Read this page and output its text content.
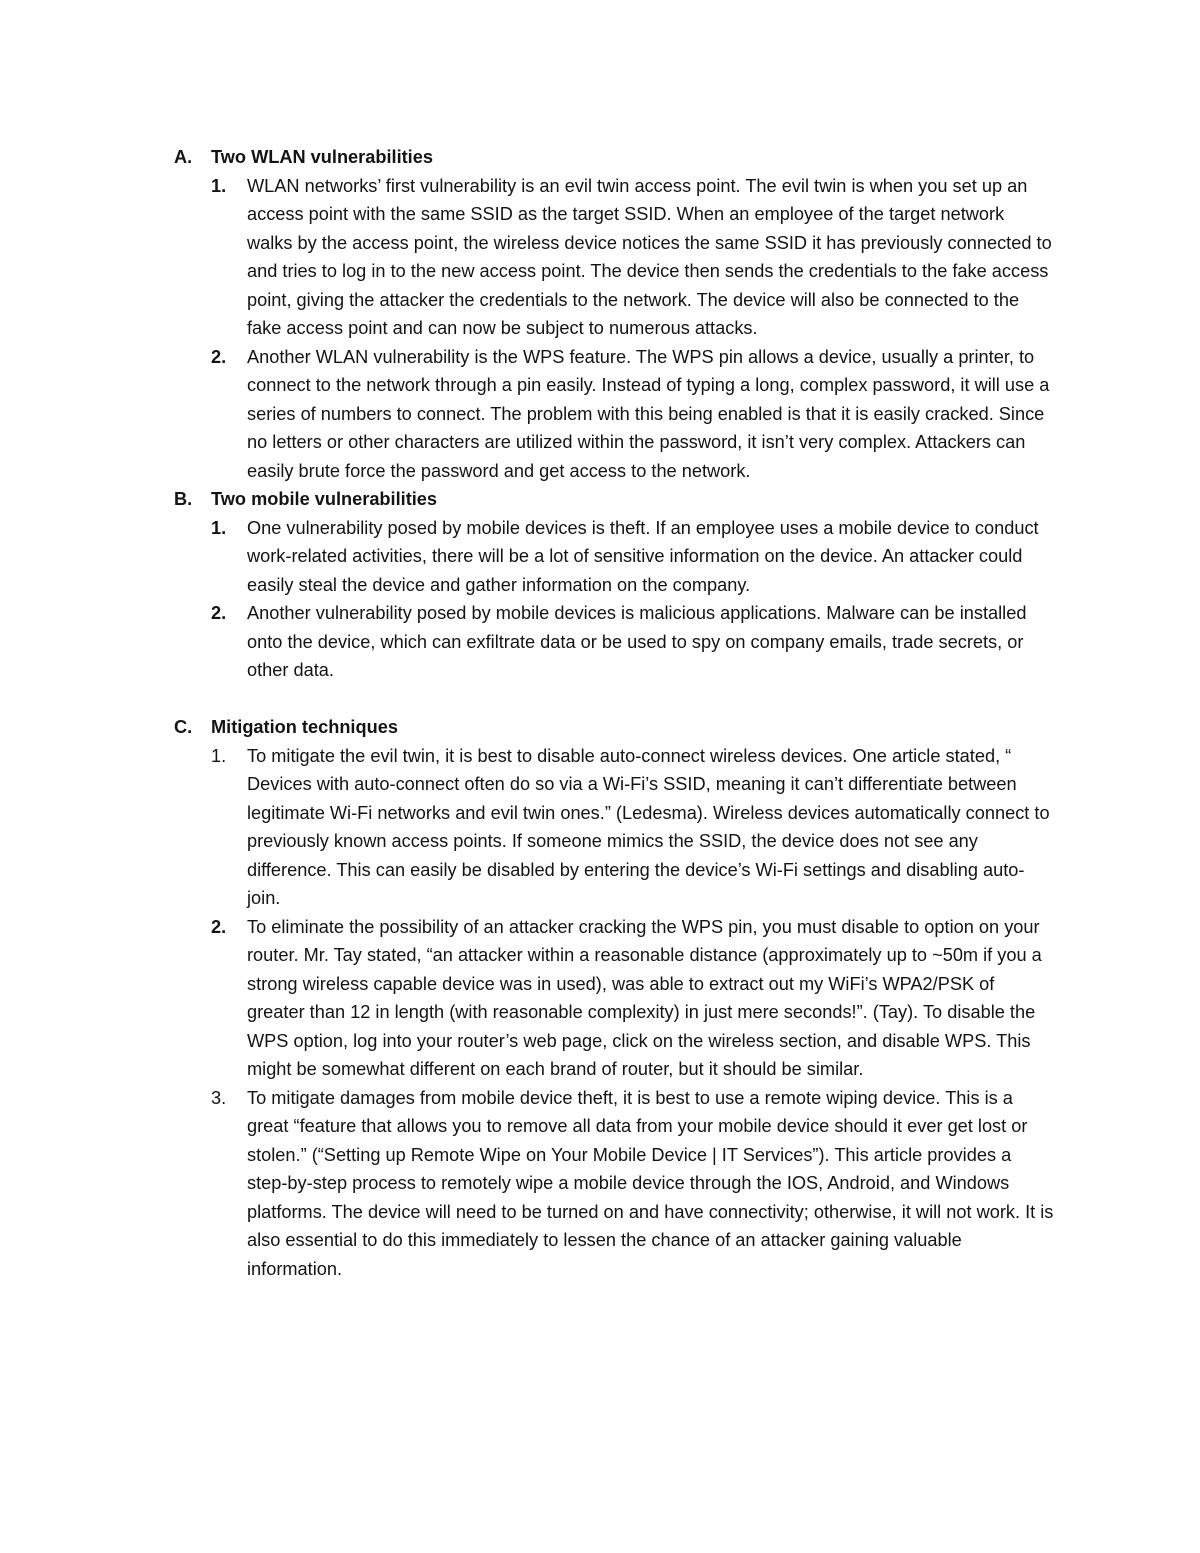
A. Two WLAN vulnerabilities
1. WLAN networks’ first vulnerability is an evil twin access point. The evil twin is when you set up an access point with the same SSID as the target SSID. When an employee of the target network walks by the access point, the wireless device notices the same SSID it has previously connected to and tries to log in to the new access point. The device then sends the credentials to the fake access point, giving the attacker the credentials to the network. The device will also be connected to the fake access point and can now be subject to numerous attacks.
2. Another WLAN vulnerability is the WPS feature. The WPS pin allows a device, usually a printer, to connect to the network through a pin easily. Instead of typing a long, complex password, it will use a series of numbers to connect. The problem with this being enabled is that it is easily cracked. Since no letters or other characters are utilized within the password, it isn’t very complex. Attackers can easily brute force the password and get access to the network.
B. Two mobile vulnerabilities
1. One vulnerability posed by mobile devices is theft. If an employee uses a mobile device to conduct work-related activities, there will be a lot of sensitive information on the device. An attacker could easily steal the device and gather information on the company.
2. Another vulnerability posed by mobile devices is malicious applications. Malware can be installed onto the device, which can exfiltrate data or be used to spy on company emails, trade secrets, or other data.
C. Mitigation techniques
1. To mitigate the evil twin, it is best to disable auto-connect wireless devices. One article stated, “ Devices with auto-connect often do so via a Wi-Fi’s SSID, meaning it can’t differentiate between legitimate Wi-Fi networks and evil twin ones.” (Ledesma). Wireless devices automatically connect to previously known access points. If someone mimics the SSID, the device does not see any difference. This can easily be disabled by entering the device’s Wi-Fi settings and disabling auto-join.
2. To eliminate the possibility of an attacker cracking the WPS pin, you must disable to option on your router. Mr. Tay stated, “an attacker within a reasonable distance (approximately up to ~50m if you a strong wireless capable device was in used), was able to extract out my WiFi’s WPA2/PSK of greater than 12 in length (with reasonable complexity) in just mere seconds!”. (Tay). To disable the WPS option, log into your router’s web page, click on the wireless section, and disable WPS. This might be somewhat different on each brand of router, but it should be similar.
3. To mitigate damages from mobile device theft, it is best to use a remote wiping device. This is a great “feature that allows you to remove all data from your mobile device should it ever get lost or stolen.” (“Setting up Remote Wipe on Your Mobile Device | IT Services”). This article provides a step-by-step process to remotely wipe a mobile device through the IOS, Android, and Windows platforms. The device will need to be turned on and have connectivity; otherwise, it will not work. It is also essential to do this immediately to lessen the chance of an attacker gaining valuable information.
